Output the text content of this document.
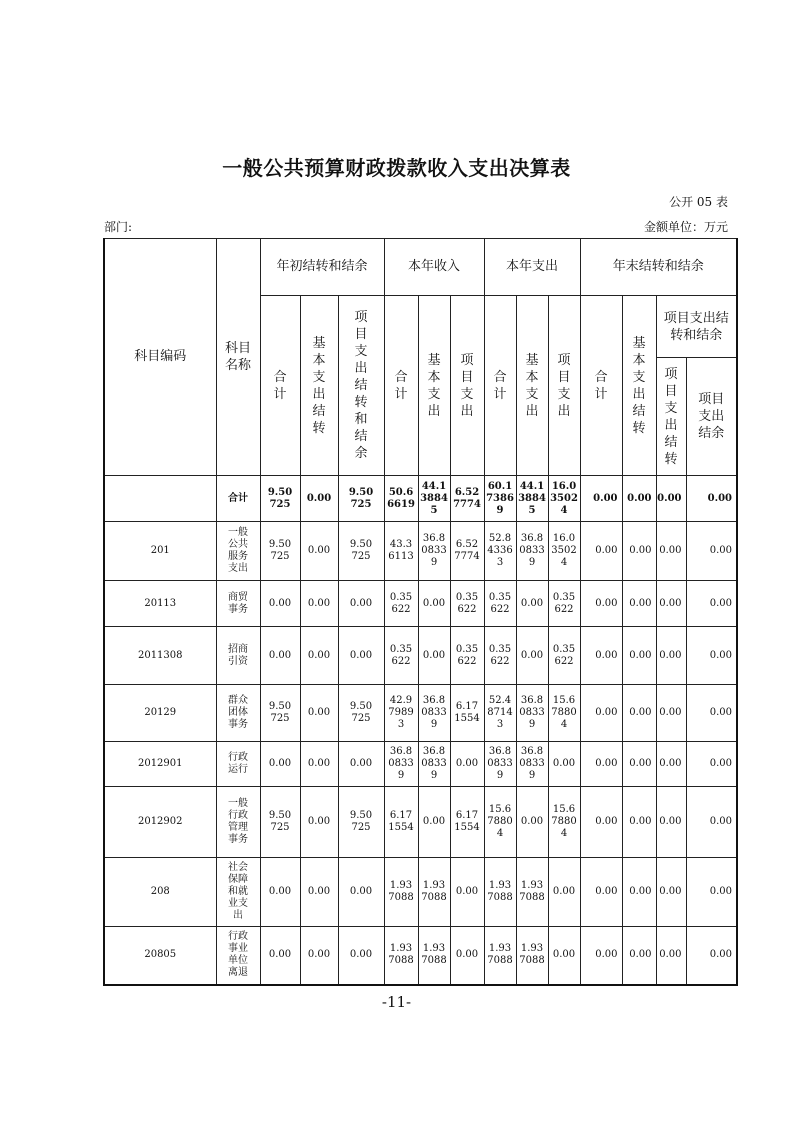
一般公共预算财政拨款收入支出决算表
公开 05 表
部门:	金额单位：万元
科目编码	科目名称	年初结转和结余			本年收入			本年支出			年末结转和结余			
		合计	基本支出结转	项目支出结转和结余	合计	基本支出	项目支出	合计	基本支出	项目支出	合计	基本支出结转	项目支出结转和结余	
													项目支出结转	项目支出结余
	合计	9.50725	0.00	9.50725	50.66619	44.138845	6.527774	60.173869	44.138845	16.035024	0.00	0.00	0.00	0.00
201	一般公共服务支出	9.50725	0.00	9.50725	43.36113	36.808339	6.527774	52.843363	36.808339	16.035024	0.00	0.00	0.00	0.00
20113	商贸事务	0.00	0.00	0.00	0.35622	0.00	0.35622	0.35622	0.00	0.35622	0.00	0.00	0.00	0.00
2011308	招商引资	0.00	0.00	0.00	0.35622	0.00	0.35622	0.35622	0.00	0.35622	0.00	0.00	0.00	0.00
20129	群众团体事务	9.50725	0.00	9.50725	42.97989 3	36.808339	6.171554	52.487143	36.808339	15.678804	0.00	0.00	0.00	0.00
2012901	行政运行	0.00	0.00	0.00	36.808339	36.808339	0.00	36.808339	36.808339	0.00	0.00	0.00	0.00	0.00
2012902	一般行政管理事务	9.50725	0.00	9.50725	6.171554	0.00	6.171554	15.678804	0.00	15.678804	0.00	0.00	0.00	0.00
208	社会保障和就业支出	0.00	0.00	0.00	1.937088	1.937088	0.00	1.937088	1.937088	0.00	0.00	0.00	0.00	0.00
20805	行政事业单位离退	0.00	0.00	0.00	1.937088	1.937088	0.00	1.937088	1.937088	0.00	0.00	0.00	0.00	0.00
-11-
